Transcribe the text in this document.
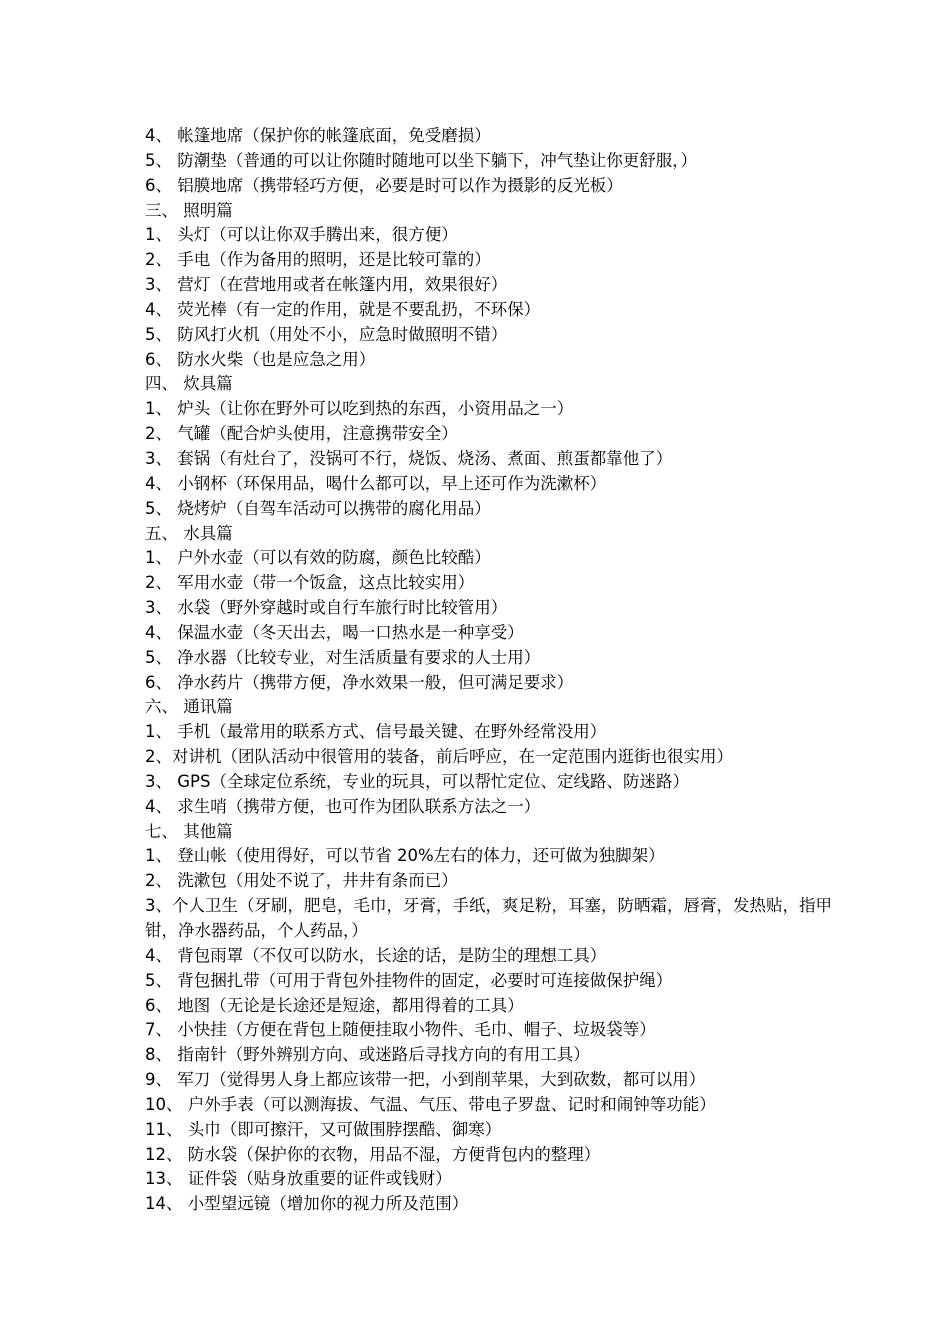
4、 帐篷地席（保护你的帐篷底面，免受磨损）
5、 防潮垫（普通的可以让你随时随地可以坐下躺下，冲气垫让你更舒服，）
6、 铝膜地席（携带轻巧方便，必要是时可以作为摄影的反光板）
三、 照明篇
1、 头灯（可以让你双手腾出来，很方便）
2、 手电（作为备用的照明，还是比较可靠的）
3、 营灯（在营地用或者在帐篷内用，效果很好）
4、 荧光棒（有一定的作用，就是不要乱扔，不环保）
5、 防风打火机（用处不小，应急时做照明不错）
6、 防水火柴（也是应急之用）
四、 炊具篇
1、 炉头（让你在野外可以吃到热的东西，小资用品之一）
2、 气罐（配合炉头使用，注意携带安全）
3、 套锅（有灶台了，没锅可不行，烧饭、烧汤、煮面、煎蛋都靠他了）
4、 小钢杯（环保用品，喝什么都可以，早上还可作为洗漱杯）
5、 烧烤炉（自驾车活动可以携带的腐化用品）
五、 水具篇
1、 户外水壶（可以有效的防腐，颜色比较酷）
2、 军用水壶（带一个饭盒，这点比较实用）
3、 水袋（野外穿越时或自行车旅行时比较管用）
4、 保温水壶（冬天出去，喝一口热水是一种享受）
5、 净水器（比较专业，对生活质量有要求的人士用）
6、 净水药片（携带方便，净水效果一般，但可满足要求）
六、 通讯篇
1、 手机（最常用的联系方式、信号最关键、在野外经常没用）
2、对讲机（团队活动中很管用的装备，前后呼应，在一定范围内逛街也很实用）
3、 GPS（全球定位系统，专业的玩具，可以帮忙定位、定线路、防迷路）
4、 求生哨（携带方便，也可作为团队联系方法之一）
七、 其他篇
1、 登山帐（使用得好，可以节省 20%左右的体力，还可做为独脚架）
2、 洗漱包（用处不说了，井井有条而已）
3、个人卫生（牙刷，肥皂，毛巾，牙膏，手纸，爽足粉，耳塞，防晒霜，唇膏，发热贴，指甲钳，净水器药品，个人药品，）
4、 背包雨罩（不仅可以防水，长途的话，是防尘的理想工具）
5、 背包捆扎带（可用于背包外挂物件的固定，必要时可连接做保护绳）
6、 地图（无论是长途还是短途，都用得着的工具）
7、 小快挂（方便在背包上随便挂取小物件、毛巾、帽子、垃圾袋等）
8、 指南针（野外辨别方向、或迷路后寻找方向的有用工具）
9、 军刀（觉得男人身上都应该带一把，小到削苹果，大到砍数，都可以用）
10、 户外手表（可以测海拔、气温、气压、带电子罗盘、记时和闹钟等功能）
11、 头巾（即可擦汗，又可做围脖摆酷、御寒）
12、 防水袋（保护你的衣物，用品不湿，方便背包内的整理）
13、 证件袋（贴身放重要的证件或钱财）
14、 小型望远镜（增加你的视力所及范围）
